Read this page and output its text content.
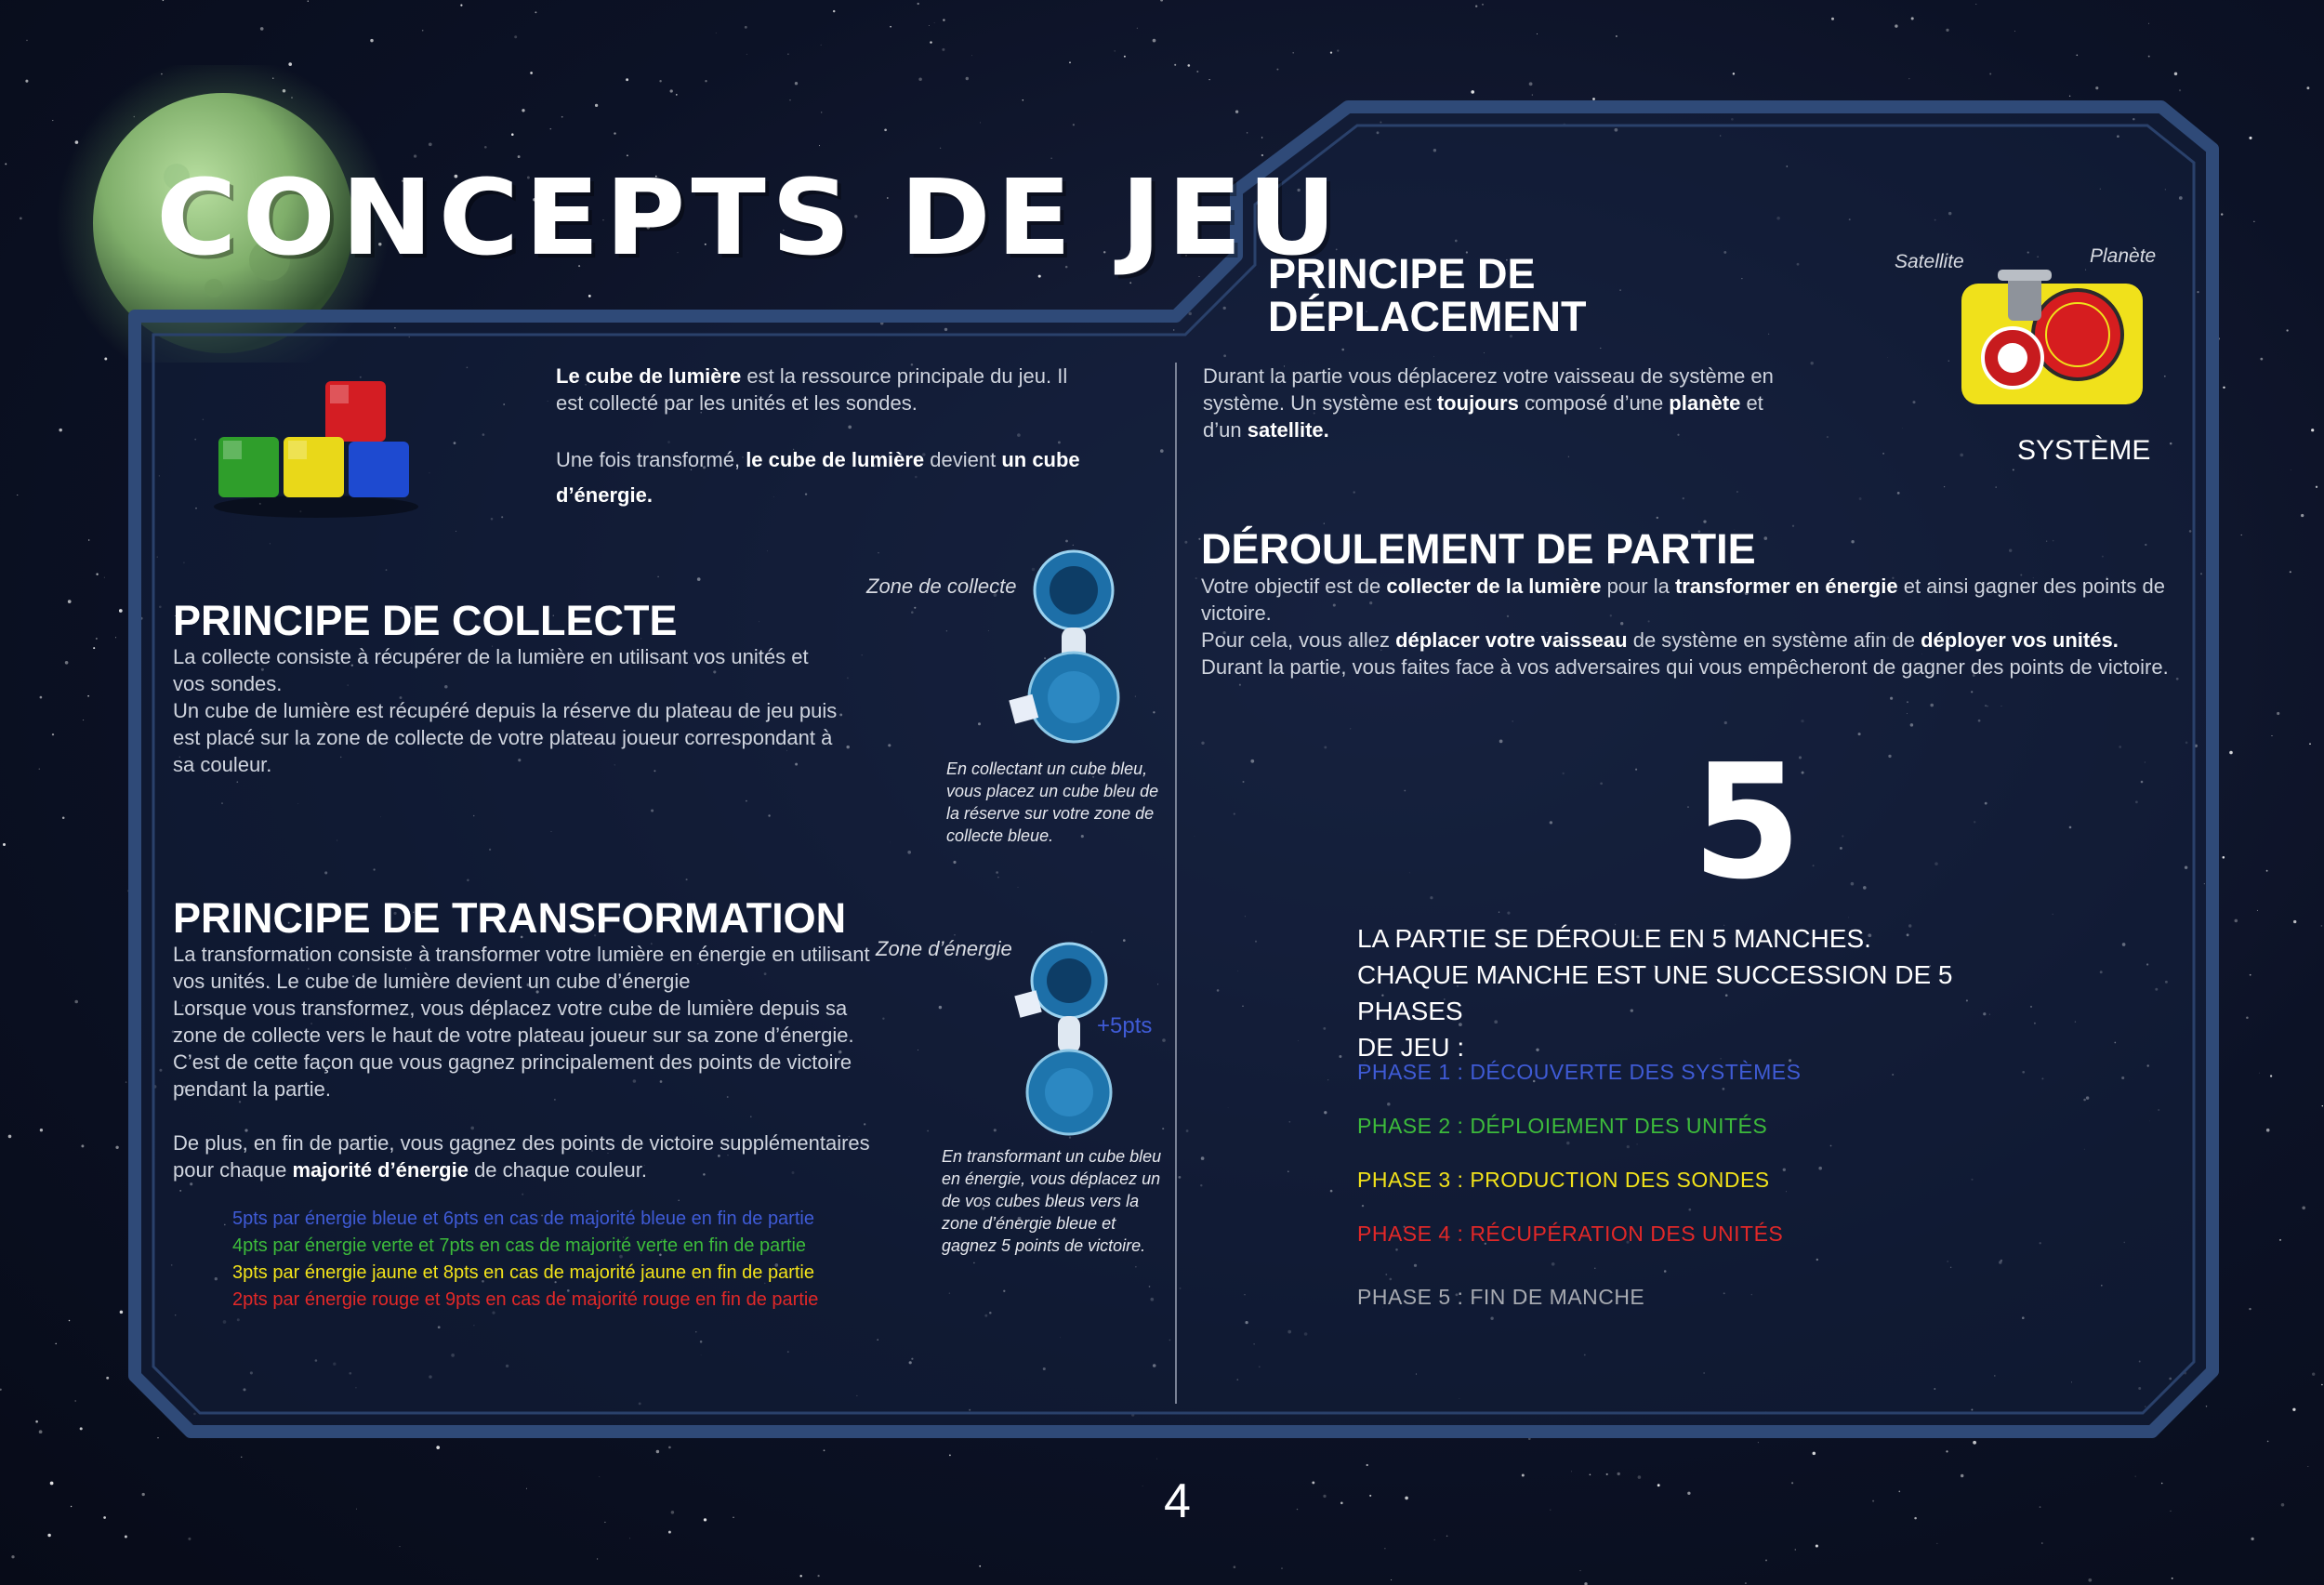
CONCEPTS DE JEU
Le cube de lumière est la ressource principale du jeu. Il est collecté par les unités et les sondes.
Une fois transformé, le cube de lumière devient un cube d’énergie.
PRINCIPE DE COLLECTE
La collecte consiste à récupérer de la lumière en utilisant vos unités et vos sondes.
Un cube de lumière est récupéré depuis la réserve du plateau de jeu puis est placé sur la zone de collecte de votre plateau joueur correspondant à sa couleur.
Zone de collecte
En collectant un cube bleu, vous placez un cube bleu de la réserve sur votre zone de collecte bleue.
PRINCIPE DE TRANSFORMATION
La transformation consiste à transformer votre lumière en énergie en utilisant vos unités. Le cube de lumière devient un cube d’énergie
Lorsque vous transformez, vous déplacez votre cube de lumière depuis sa zone de collecte vers le haut de votre plateau joueur sur sa zone d’énergie. C’est de cette façon que vous gagnez principalement des points de victoire pendant la partie.
De plus, en fin de partie, vous gagnez des points de victoire supplémentaires pour chaque majorité d’énergie de chaque couleur.
Zone d’énergie
+5pts
En transformant un cube bleu en énergie, vous déplacez un de vos cubes bleus vers la zone d’énergie bleue et gagnez 5 points de victoire.
5pts par énergie bleue et 6pts en cas de majorité bleue en fin de partie
4pts par énergie verte et 7pts en cas de majorité verte en fin de partie
3pts par énergie jaune et 8pts en cas de majorité jaune en fin de partie
2pts par énergie rouge et 9pts en cas de majorité rouge en fin de partie
PRINCIPE DE
DÉPLACEMENT
Durant la partie vous déplacerez votre vaisseau de système en système. Un système est toujours composé d’une planète et d’un satellite.
Satellite	Planète
SYSTÈME
DÉROULEMENT DE PARTIE
Votre objectif est de collecter de la lumière pour la transformer en énergie et ainsi gagner des points de victoire.
Pour cela, vous allez déplacer votre vaisseau de système en système afin de déployer vos unités.
Durant la partie, vous faites face à vos adversaires qui vous empêcheront de gagner des points de victoire.
5
LA PARTIE SE DÉROULE EN 5 MANCHES.
CHAQUE MANCHE EST UNE SUCCESSION DE 5 PHASES
DE JEU :
PHASE 1 : DÉCOUVERTE DES SYSTÈMES
PHASE 2 : DÉPLOIEMENT DES UNITÉS
PHASE 3 : PRODUCTION DES SONDES
PHASE 4 : RÉCUPÉRATION DES UNITÉS
PHASE 5 : FIN DE MANCHE
4
